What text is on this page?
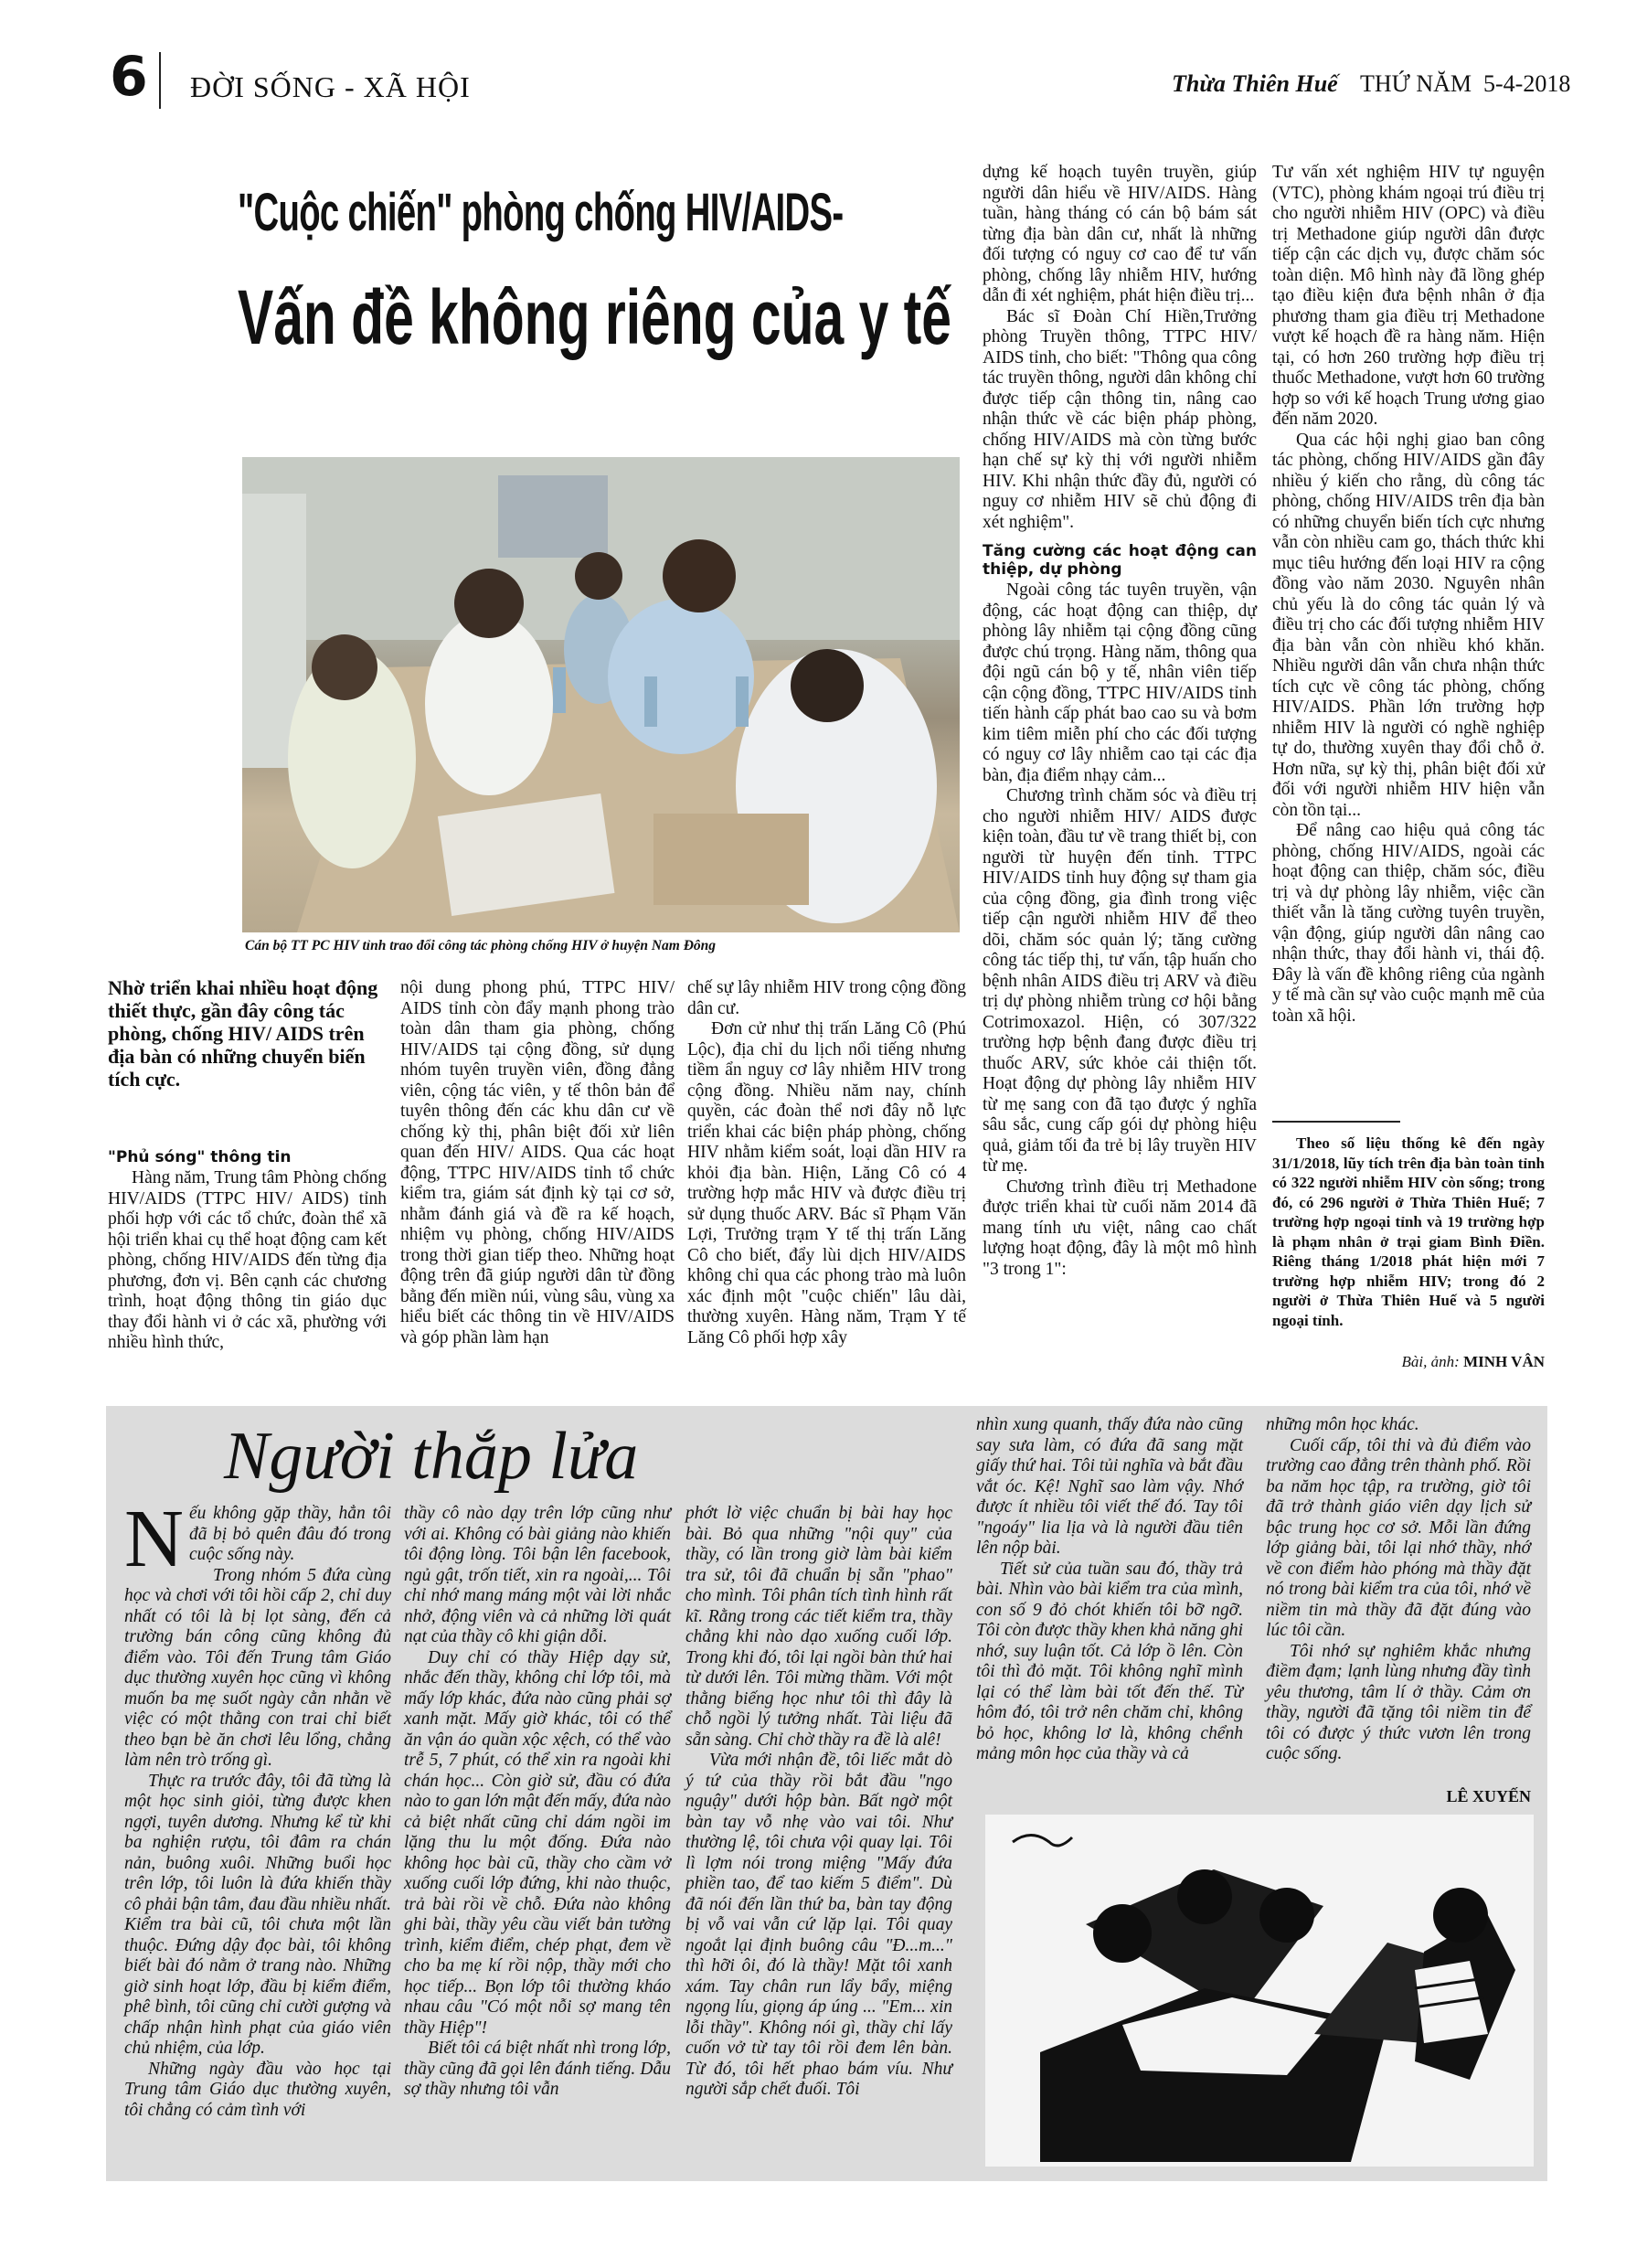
6 ĐỜI SỐNG - XÃ HỘI	Thừa Thiên Huế THỨ NĂM  5-4-2018
"Cuộc chiến" phòng chống HIV/AIDS-
Vấn đề không riêng của y tế
Cán bộ TT PC HIV tỉnh trao đổi công tác phòng chống HIV ở huyện Nam Đông
Nhờ triển khai nhiều hoạt động thiết thực, gần đây công tác phòng, chống HIV/ AIDS trên địa bàn có những chuyển biến tích cực.
"Phủ sóng" thông tin

Hàng năm, Trung tâm Phòng chống HIV/AIDS (TTPC HIV/ AIDS) tỉnh phối hợp với các tổ chức, đoàn thể xã hội triển khai cụ thể hoạt động cam kết phòng, chống HIV/AIDS đến từng địa phương, đơn vị. Bên cạnh các chương trình, hoạt động thông tin giáo dục thay đổi hành vi ở các xã, phường với nhiều hình thức,

nội dung phong phú, TTPC HIV/ AIDS tỉnh còn đẩy mạnh phong trào toàn dân tham gia phòng, chống HIV/AIDS tại cộng đồng, sử dụng nhóm tuyên truyền viên, đồng đẳng viên, cộng tác viên, y tế thôn bản để tuyên thông đến các khu dân cư về chống kỳ thị, phân biệt đối xử liên quan đến HIV/ AIDS. Qua các hoạt động, TTPC HIV/AIDS tỉnh tổ chức kiểm tra, giám sát định kỳ tại cơ sở, nhằm đánh giá và đề ra kế hoạch, nhiệm vụ phòng, chống HIV/AIDS trong thời gian tiếp theo. Những hoạt động trên đã giúp người dân từ đồng bằng đến miền núi, vùng sâu, vùng xa hiểu biết các thông tin về HIV/AIDS và góp phần làm hạn

chế sự lây nhiễm HIV trong cộng đồng dân cư.

Đơn cử như thị trấn Lăng Cô (Phú Lộc), địa chỉ du lịch nổi tiếng nhưng tiềm ẩn nguy cơ lây nhiễm HIV trong cộng đồng. Nhiều năm nay, chính quyền, các đoàn thể nơi đây nỗ lực triển khai các biện pháp phòng, chống HIV nhằm kiểm soát, loại dần HIV ra khỏi địa bàn. Hiện, Lăng Cô có 4 trường hợp mắc HIV và được điều trị sử dụng thuốc ARV. Bác sĩ Phạm Văn Lợi, Trưởng trạm Y tế thị trấn Lăng Cô cho biết, đẩy lùi dịch HIV/AIDS không chỉ qua các phong trào mà luôn xác định một "cuộc chiến" lâu dài, thường xuyên. Hàng năm, Trạm Y tế Lăng Cô phối hợp xây

dựng kế hoạch tuyên truyền, giúp người dân hiểu về HIV/AIDS. Hàng tuần, hàng tháng có cán bộ bám sát từng địa bàn dân cư, nhất là những đối tượng có nguy cơ cao để tư vấn phòng, chống lây nhiễm HIV, hướng dẫn đi xét nghiệm, phát hiện điều trị...

Bác sĩ Đoàn Chí Hiền,Trưởng phòng Truyền thông, TTPC HIV/ AIDS tỉnh, cho biết: "Thông qua công tác truyền thông, người dân không chỉ được tiếp cận thông tin, nâng cao nhận thức về các biện pháp phòng, chống HIV/AIDS mà còn từng bước hạn chế sự kỳ thị với người nhiễm HIV. Khi nhận thức đầy đủ, người có nguy cơ nhiễm HIV sẽ chủ động đi xét nghiệm".

Tăng cường các hoạt động can thiệp, dự phòng

Ngoài công tác tuyên truyền, vận động, các hoạt động can thiệp, dự phòng lây nhiễm tại cộng đồng cũng được chú trọng. Hàng năm, thông qua đội ngũ cán bộ y tế, nhân viên tiếp cận cộng đồng, TTPC HIV/AIDS tỉnh tiến hành cấp phát bao cao su và bơm kim tiêm miễn phí cho các đối tượng có nguy cơ lây nhiễm cao tại các địa bàn, địa điểm nhạy cảm...

Chương trình chăm sóc và điều trị cho người nhiễm HIV/ AIDS được kiện toàn, đầu tư về trang thiết bị, con người từ huyện đến tỉnh. TTPC HIV/AIDS tỉnh huy động sự tham gia của cộng đồng, gia đình trong việc tiếp cận người nhiễm HIV để theo dõi, chăm sóc quản lý; tăng cường công tác tiếp thị, tư vấn, tập huấn cho bệnh nhân AIDS điều trị ARV và điều trị dự phòng nhiễm trùng cơ hội bằng Cotrimoxazol. Hiện, có 307/322 trường hợp bệnh đang được điều trị thuốc ARV, sức khỏe cải thiện tốt. Hoạt động dự phòng lây nhiễm HIV từ mẹ sang con đã tạo được ý nghĩa sâu sắc, cung cấp gói dự phòng hiệu quả, giảm tối đa trẻ bị lây truyền HIV từ mẹ.

Chương trình điều trị Methadone được triển khai từ cuối năm 2014 đã mang tính ưu việt, nâng cao chất lượng hoạt động, đây là một mô hình "3 trong 1":

Tư vấn xét nghiệm HIV tự nguyện (VTC), phòng khám ngoại trú điều trị cho người nhiễm HIV (OPC) và điều trị Methadone giúp người dân được tiếp cận các dịch vụ, được chăm sóc toàn diện. Mô hình này đã lồng ghép tạo điều kiện đưa bệnh nhân ở địa phương tham gia điều trị Methadone vượt kế hoạch đề ra hàng năm. Hiện tại, có hơn 260 trường hợp điều trị thuốc Methadone, vượt hơn 60 trường hợp so với kế hoạch Trung ương giao đến năm 2020.

Qua các hội nghị giao ban công tác phòng, chống HIV/AIDS gần đây nhiều ý kiến cho rằng, dù công tác phòng, chống HIV/AIDS trên địa bàn có những chuyển biến tích cực nhưng vẫn còn nhiều cam go, thách thức khi mục tiêu hướng đến loại HIV ra cộng đồng vào năm 2030. Nguyên nhân chủ yếu là do công tác quản lý và điều trị cho các đối tượng nhiễm HIV địa bàn vẫn còn nhiều khó khăn. Nhiều người dân vẫn chưa nhận thức tích cực về công tác phòng, chống HIV/AIDS. Phần lớn trường hợp nhiễm HIV là người có nghề nghiệp tự do, thường xuyên thay đổi chỗ ở. Hơn nữa, sự kỳ thị, phân biệt đối xử đối với người nhiễm HIV hiện vẫn còn tồn tại...

Để nâng cao hiệu quả công tác phòng, chống HIV/AIDS, ngoài các hoạt động can thiệp, chăm sóc, điều trị và dự phòng lây nhiễm, việc cần thiết vẫn là tăng cường tuyên truyền, vận động, giúp người dân nâng cao nhận thức, thay đổi hành vi, thái độ. Đây là vấn đề không riêng của ngành y tế mà cần sự vào cuộc mạnh mẽ của toàn xã hội.

Theo số liệu thống kê đến ngày 31/1/2018, lũy tích trên địa bàn toàn tỉnh có 322 người nhiễm HIV còn sống; trong đó, có 296 người ở Thừa Thiên Huế; 7 trường hợp ngoại tỉnh và 19 trường hợp là phạm nhân ở trại giam Bình Điền. Riêng tháng 1/2018 phát hiện mới 7 trường hợp nhiễm HIV; trong đó 2 người ở Thừa Thiên Huế và 5 người ngoại tỉnh.
Bài, ảnh: MINH VÂN
Người thắp lửa

N ếu không gặp thầy, hẳn tôi đã bị bỏ quên đâu đó trong cuộc sống này.

Trong nhóm 5 đứa cùng học và chơi với tôi hồi cấp 2, chỉ duy nhất có tôi là bị lọt sàng, đến cả trường bán công cũng không đủ điểm vào. Tôi đến Trung tâm Giáo dục thường xuyên học cũng vì không muốn ba mẹ suốt ngày cằn nhằn về việc có một thằng con trai chỉ biết theo bạn bè ăn chơi lêu lổng, chẳng làm nên trò trống gì.

Thực ra trước đây, tôi đã từng là một học sinh giỏi, từng được khen ngợi, tuyên dương. Nhưng kể từ khi ba nghiện rượu, tôi đâm ra chán nản, buông xuôi. Những buổi học trên lớp, tôi luôn là đứa khiến thầy cô phải bận tâm, đau đầu nhiều nhất. Kiểm tra bài cũ, tôi chưa một lần thuộc. Đứng dậy đọc bài, tôi không biết bài đó nằm ở trang nào. Những giờ sinh hoạt lớp, đầu bị kiểm điểm, phê bình, tôi cũng chỉ cười gượng và chấp nhận hình phạt của giáo viên chủ nhiệm, của lớp.

Những ngày đầu vào học tại Trung tâm Giáo dục thường xuyên, tôi chẳng có cảm tình với

thầy cô nào dạy trên lớp cũng như với ai. Không có bài giảng nào khiến tôi động lòng. Tôi bận lên facebook, ngủ gật, trốn tiết, xin ra ngoài,... Tôi chỉ nhớ mang máng một vài lời nhắc nhở, động viên và cả những lời quát nạt của thầy cô khi giận dỗi.

Duy chỉ có thầy Hiệp dạy sử, nhắc đến thầy, không chỉ lớp tôi, mà mấy lớp khác, đứa nào cũng phải sợ xanh mặt. Mấy giờ khác, tôi có thể ăn vận áo quần xộc xệch, có thể vào trễ 5, 7 phút, có thể xin ra ngoài khi chán học... Còn giờ sử, đầu có đứa nào to gan lớn mật đến mấy, đứa nào cả biệt nhất cũng chỉ dám ngồi im lặng thu lu một đống. Đứa nào không học bài cũ, thầy cho cầm vở xuống cuối lớp đứng, khi nào thuộc, trả bài rồi về chỗ. Đứa nào không ghi bài, thầy yêu cầu viết bản tường trình, kiểm điểm, chép phạt, đem về cho ba mẹ kí rồi nộp, thầy mới cho học tiếp... Bọn lớp tôi thường kháo nhau câu "Có một nỗi sợ mang tên thầy Hiệp"!

Biết tôi cá biệt nhất nhì trong lớp, thầy cũng đã gọi lên đánh tiếng. Dẫu sợ thầy nhưng tôi vẫn

phớt lờ việc chuẩn bị bài hay học bài. Bỏ qua những "nội quy" của thầy, có lần trong giờ làm bài kiểm tra sử, tôi đã chuẩn bị sẵn "phao" cho mình. Tôi phân tích tình hình rất kĩ. Rằng trong các tiết kiểm tra, thầy chẳng khi nào dạo xuống cuối lớp. Trong khi đó, tôi lại ngồi bàn thứ hai từ dưới lên. Tôi mừng thầm. Với một thằng biếng học như tôi thì đây là chỗ ngồi lý tưởng nhất. Tài liệu đã sẵn sàng. Chỉ chờ thầy ra đề là alê!

Vừa mới nhận đề, tôi liếc mắt dò ý tứ của thầy rồi bắt đầu "ngo nguậy" dưới hộp bàn. Bất ngờ một bàn tay vỗ nhẹ vào vai tôi. Như thường lệ, tôi chưa vội quay lại. Tôi lì lợm nói trong miệng "Mấy đứa phiền tao, để tao kiếm 5 điểm". Dù đã nói đến lần thứ ba, bàn tay động bị vỗ vai vẫn cứ lặp lại. Tôi quay ngoắt lại định buông câu "Đ...m..." thì hỡi ôi, đó là thầy! Mặt tôi xanh xám. Tay chân run lẩy bẩy, miệng ngọng líu, giọng áp úng ... "Em... xin lỗi thầy". Không nói gì, thầy chỉ lấy cuốn vở từ tay tôi rồi đem lên bàn. Từ đó, tôi hết phao bám víu. Như người sắp chết đuối. Tôi

nhìn xung quanh, thấy đứa nào cũng say sưa làm, có đứa đã sang mặt giấy thứ hai. Tôi tủi nghĩa và bắt đầu vắt óc. Kệ! Nghĩ sao làm vậy. Nhớ được ít nhiều tôi viết thế đó. Tay tôi "ngoáy" lia lịa và là người đầu tiên lên nộp bài.

Tiết sử của tuần sau đó, thầy trả bài. Nhìn vào bài kiểm tra của mình, con số 9 đỏ chót khiến tôi bỡ ngỡ. Tôi còn được thầy khen khả năng ghi nhớ, suy luận tốt. Cả lớp ồ lên. Còn tôi thì đỏ mặt. Tôi không nghĩ mình lại có thể làm bài tốt đến thế. Từ hôm đó, tôi trở nên chăm chỉ, không bỏ học, không lơ là, không chểnh mảng môn học của thầy và cả

những môn học khác.

Cuối cấp, tôi thi và đủ điểm vào trường cao đẳng trên thành phố. Rồi ba năm học tập, ra trường, giờ tôi đã trở thành giáo viên dạy lịch sử bậc trung học cơ sở. Mỗi lần đứng lớp giảng bài, tôi lại nhớ thầy, nhớ về con điểm hào phóng mà thầy đặt nó trong bài kiểm tra của tôi, nhớ về niềm tin mà thầy đã đặt đúng vào lúc tôi cần.

Tôi nhớ sự nghiêm khắc nhưng điềm đạm; lạnh lùng nhưng đầy tình yêu thương, tâm lí ở thầy. Cảm ơn thầy, người đã tặng tôi niềm tin để tôi có được ý thức vươn lên trong cuộc sống.

LÊ XUYẾN
